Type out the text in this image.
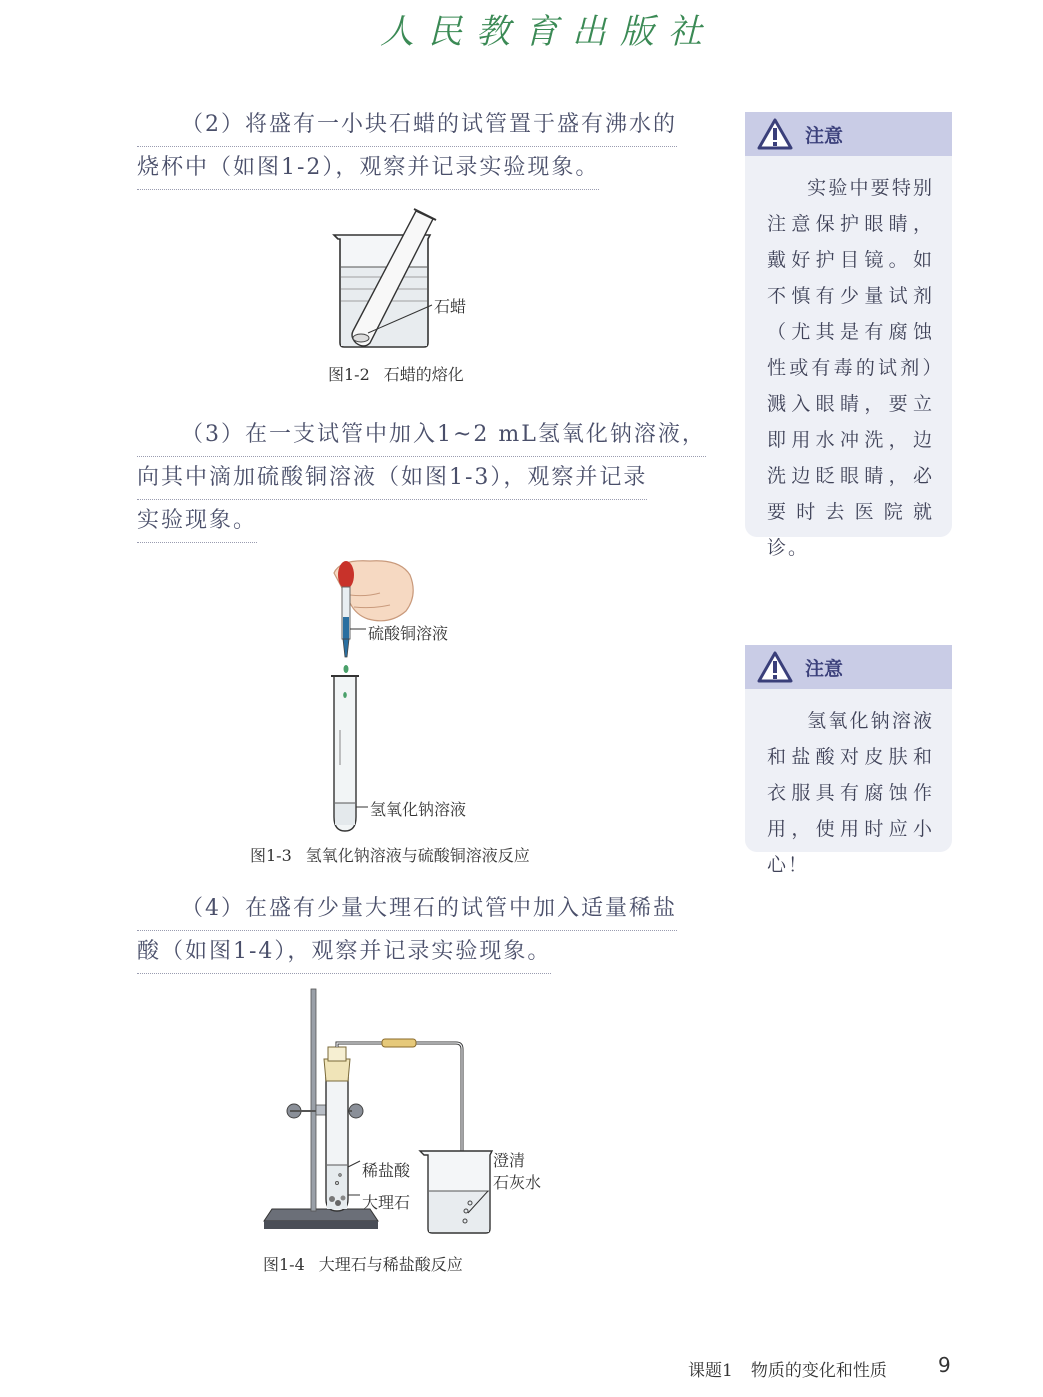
人民教育出版社
（2）将盛有一小块石蜡的试管置于盛有沸水的
烧杯中（如图1-2），观察并记录实验现象。
石蜡
图1-2 石蜡的熔化
（3）在一支试管中加入1~2 mL氢氧化钠溶液，
向其中滴加硫酸铜溶液（如图1-3），观察并记录
实验现象。
硫酸铜溶液
氢氧化钠溶液
图1-3 氢氧化钠溶液与硫酸铜溶液反应
（4）在盛有少量大理石的试管中加入适量稀盐
酸（如图1-4），观察并记录实验现象。
稀盐酸
大理石
澄清
石灰水
图1-4 大理石与稀盐酸反应
注意
实验中要特别注意保护眼睛，戴好护目镜。如不慎有少量试剂（尤其是有腐蚀性或有毒的试剂）溅入眼睛，要立即用水冲洗，边洗边眨眼睛，必要时去医院就诊。
注意
氢氧化钠溶液和盐酸对皮肤和衣服具有腐蚀作用，使用时应小心！
课题1 物质的变化和性质	9
